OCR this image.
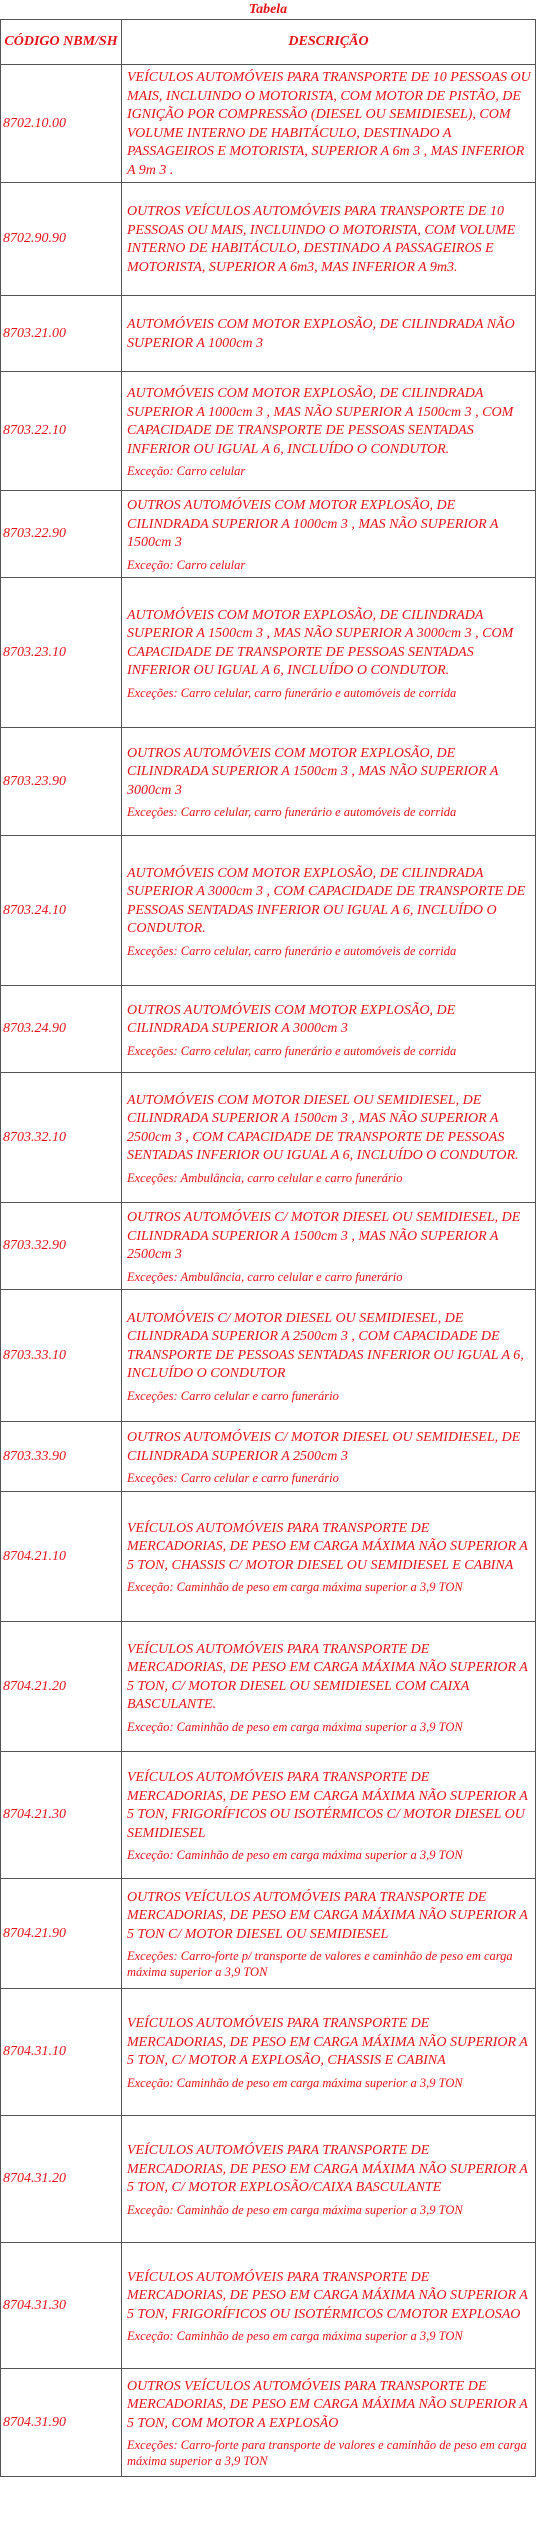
Tabela
CÓDIGO NBM/SH	DESCRIÇÃO
8702.10.00	VEÍCULOS AUTOMÓVEIS PARA TRANSPORTE DE 10 PESSOAS OU MAIS, INCLUINDO O MOTORISTA, COM MOTOR DE PISTÃO, DE IGNIÇÃO POR COMPRESSÃO (DIESEL OU SEMIDIESEL), COM VOLUME INTERNO DE HABITÁCULO, DESTINADO A PASSAGEIROS E MOTORISTA, SUPERIOR A 6m 3 , MAS INFERIOR A 9m 3 .

8702.90.90	OUTROS VEÍCULOS AUTOMÓVEIS PARA TRANSPORTE DE 10 PESSOAS OU MAIS, INCLUINDO O MOTORISTA, COM VOLUME INTERNO DE HABITÁCULO, DESTINADO A PASSAGEIROS E MOTORISTA, SUPERIOR A 6m3, MAS INFERIOR A 9m3.

8703.21.00	AUTOMÓVEIS COM MOTOR EXPLOSÃO, DE CILINDRADA NÃO SUPERIOR A 1000cm 3

8703.22.10	AUTOMÓVEIS COM MOTOR EXPLOSÃO, DE CILINDRADA SUPERIOR A 1000cm 3 , MAS NÃO SUPERIOR A 1500cm 3 , COM CAPACIDADE DE TRANSPORTE DE PESSOAS SENTADAS INFERIOR OU IGUAL A 6, INCLUÍDO O CONDUTOR.
Exceção: Carro celular

8703.22.90	OUTROS AUTOMÓVEIS COM MOTOR EXPLOSÃO, DE CILINDRADA SUPERIOR A 1000cm 3 , MAS NÃO SUPERIOR A 1500cm 3
Exceção: Carro celular

8703.23.10	AUTOMÓVEIS COM MOTOR EXPLOSÃO, DE CILINDRADA SUPERIOR A 1500cm 3 , MAS NÃO SUPERIOR A 3000cm 3 , COM CAPACIDADE DE TRANSPORTE DE PESSOAS SENTADAS INFERIOR OU IGUAL A 6, INCLUÍDO O CONDUTOR.
Exceções: Carro celular, carro funerário e automóveis de corrida

8703.23.90	OUTROS AUTOMÓVEIS COM MOTOR EXPLOSÃO, DE CILINDRADA SUPERIOR A 1500cm 3 , MAS NÃO SUPERIOR A 3000cm 3
Exceções: Carro celular, carro funerário e automóveis de corrida

8703.24.10	AUTOMÓVEIS COM MOTOR EXPLOSÃO, DE CILINDRADA SUPERIOR A 3000cm 3 , COM CAPACIDADE DE TRANSPORTE DE PESSOAS SENTADAS INFERIOR OU IGUAL A 6, INCLUÍDO O CONDUTOR.
Exceções: Carro celular, carro funerário e automóveis de corrida

8703.24.90	OUTROS AUTOMÓVEIS COM MOTOR EXPLOSÃO, DE CILINDRADA SUPERIOR A 3000cm 3
Exceções: Carro celular, carro funerário e automóveis de corrida

8703.32.10	AUTOMÓVEIS COM MOTOR DIESEL OU SEMIDIESEL, DE CILINDRADA SUPERIOR A 1500cm 3 , MAS NÃO SUPERIOR A 2500cm 3 , COM CAPACIDADE DE TRANSPORTE DE PESSOAS SENTADAS INFERIOR OU IGUAL A 6, INCLUÍDO O CONDUTOR.
Exceções: Ambulância, carro celular e carro funerário

8703.32.90	OUTROS AUTOMÓVEIS C/ MOTOR DIESEL OU SEMIDIESEL, DE CILINDRADA SUPERIOR A 1500cm 3 , MAS NÃO SUPERIOR A 2500cm 3
Exceções: Ambulância, carro celular e carro funerário

8703.33.10	AUTOMÓVEIS C/ MOTOR DIESEL OU SEMIDIESEL, DE CILINDRADA SUPERIOR A 2500cm 3 , COM CAPACIDADE DE TRANSPORTE DE PESSOAS SENTADAS INFERIOR OU IGUAL A 6, INCLUÍDO O CONDUTOR
Exceções: Carro celular e carro funerário

8703.33.90	OUTROS AUTOMÓVEIS C/ MOTOR DIESEL OU SEMIDIESEL, DE CILINDRADA SUPERIOR A 2500cm 3
Exceções: Carro celular e carro funerário

8704.21.10	VEÍCULOS AUTOMÓVEIS PARA TRANSPORTE DE MERCADORIAS, DE PESO EM CARGA MÁXIMA NÃO SUPERIOR A 5 TON, CHASSIS C/ MOTOR DIESEL OU SEMIDIESEL E CABINA
Exceção: Caminhão de peso em carga máxima superior a 3,9 TON

8704.21.20	VEÍCULOS AUTOMÓVEIS PARA TRANSPORTE DE MERCADORIAS, DE PESO EM CARGA MÁXIMA NÃO SUPERIOR A 5 TON, C/ MOTOR DIESEL OU SEMIDIESEL COM CAIXA BASCULANTE.
Exceção: Caminhão de peso em carga máxima superior a 3,9 TON

8704.21.30	VEÍCULOS AUTOMÓVEIS PARA TRANSPORTE DE MERCADORIAS, DE PESO EM CARGA MÁXIMA NÃO SUPERIOR A 5 TON, FRIGORÍFICOS OU ISOTÉRMICOS C/ MOTOR DIESEL OU SEMIDIESEL
Exceção: Caminhão de peso em carga máxima superior a 3,9 TON

8704.21.90	OUTROS VEÍCULOS AUTOMÓVEIS PARA TRANSPORTE DE MERCADORIAS, DE PESO EM CARGA MÁXIMA NÃO SUPERIOR A 5 TON C/ MOTOR DIESEL OU SEMIDIESEL
Exceções: Carro-forte p/ transporte de valores e caminhão de peso em carga máxima superior a 3,9 TON

8704.31.10	VEÍCULOS AUTOMÓVEIS PARA TRANSPORTE DE MERCADORIAS, DE PESO EM CARGA MÁXIMA NÃO SUPERIOR A 5 TON, C/ MOTOR A EXPLOSÃO, CHASSIS E CABINA
Exceção: Caminhão de peso em carga máxima superior a 3,9 TON

8704.31.20	VEÍCULOS AUTOMÓVEIS PARA TRANSPORTE DE MERCADORIAS, DE PESO EM CARGA MÁXIMA NÃO SUPERIOR A 5 TON, C/ MOTOR EXPLOSÃO/CAIXA BASCULANTE
Exceção: Caminhão de peso em carga máxima superior a 3,9 TON

8704.31.30	VEÍCULOS AUTOMÓVEIS PARA TRANSPORTE DE MERCADORIAS, DE PESO EM CARGA MÁXIMA NÃO SUPERIOR A 5 TON, FRIGORÍFICOS OU ISOTÉRMICOS C/MOTOR EXPLOSAO
Exceção: Caminhão de peso em carga máxima superior a 3,9 TON

8704.31.90	OUTROS VEÍCULOS AUTOMÓVEIS PARA TRANSPORTE DE MERCADORIAS, DE PESO EM CARGA MÁXIMA NÃO SUPERIOR A 5 TON, COM MOTOR A EXPLOSÃO
Exceções: Carro-forte para transporte de valores e caminhão de peso em carga máxima superior a 3,9 TON
